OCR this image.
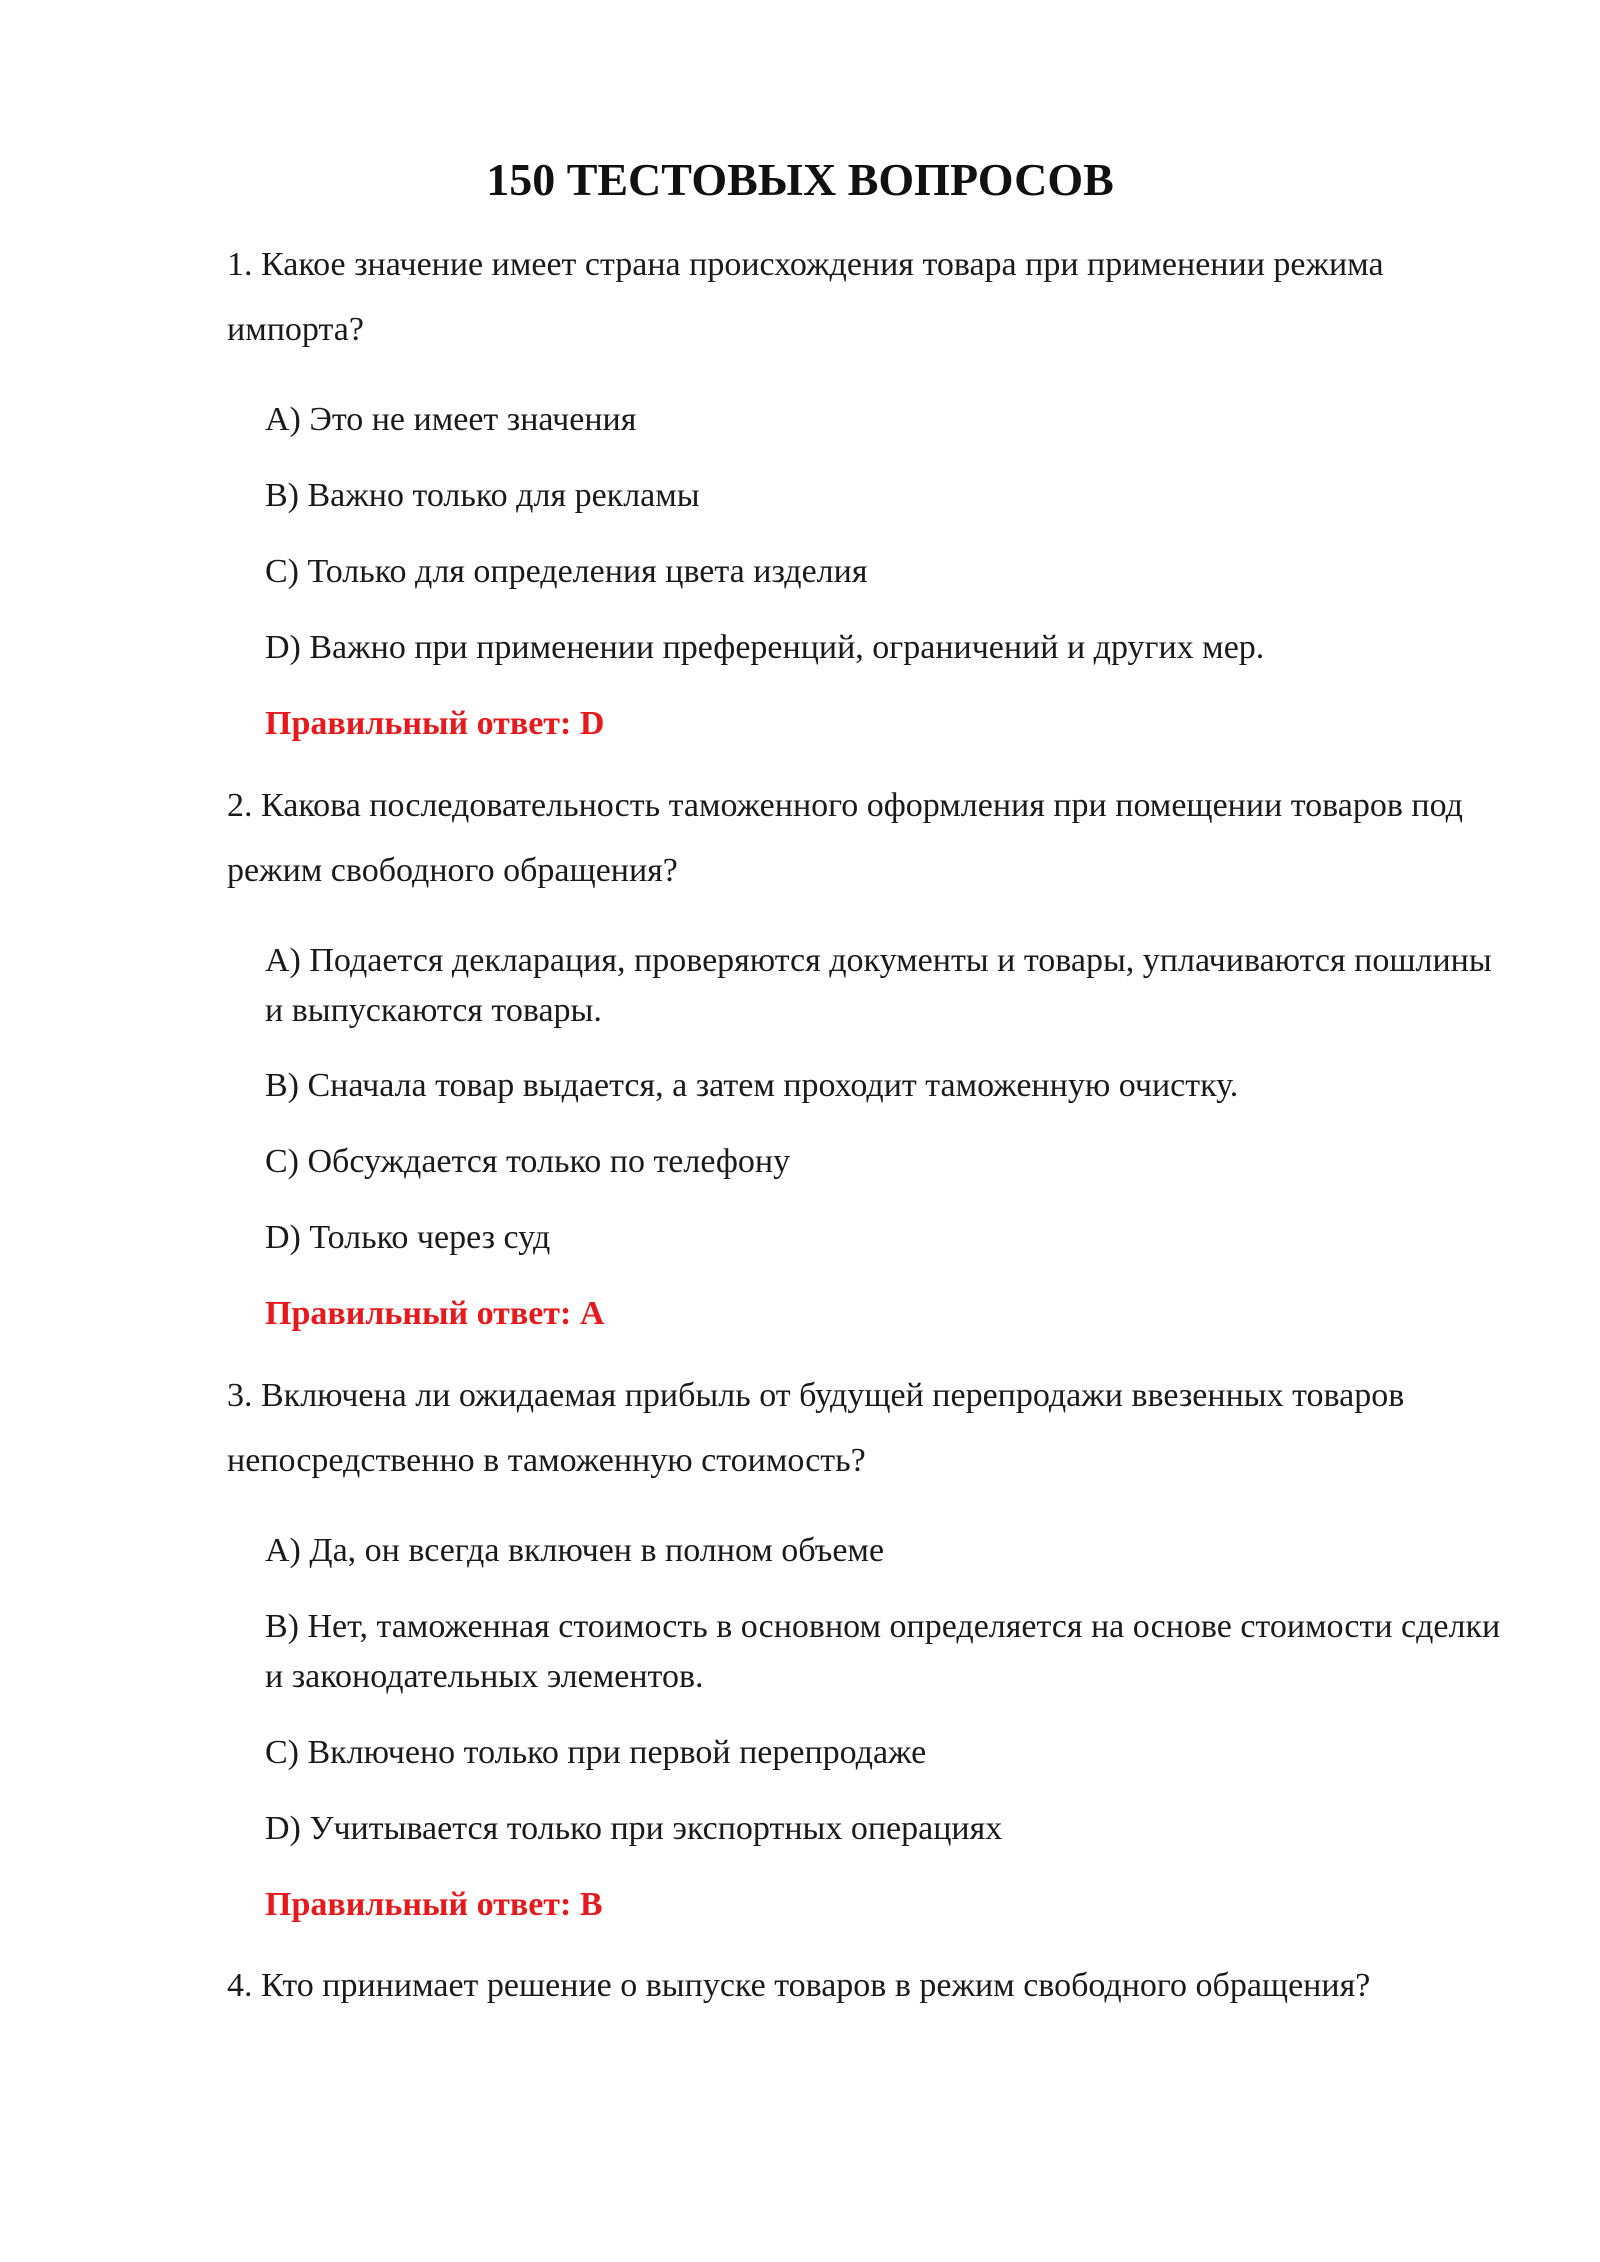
150 ТЕСТОВЫХ ВОПРОСОВ
1. Какое значение имеет страна происхождения товара при применении режима импорта?
A) Это не имеет значения
B) Важно только для рекламы
C) Только для определения цвета изделия
D) Важно при применении преференций, ограничений и других мер.
Правильный ответ: D
2. Какова последовательность таможенного оформления при помещении товаров под режим свободного обращения?
A) Подается декларация, проверяются документы и товары, уплачиваются пошлины и выпускаются товары.
B) Сначала товар выдается, а затем проходит таможенную очистку.
C) Обсуждается только по телефону
D) Только через суд
Правильный ответ: A
3. Включена ли ожидаемая прибыль от будущей перепродажи ввезенных товаров непосредственно в таможенную стоимость?
A) Да, он всегда включен в полном объеме
B) Нет, таможенная стоимость в основном определяется на основе стоимости сделки и законодательных элементов.
C) Включено только при первой перепродаже
D) Учитывается только при экспортных операциях
Правильный ответ: B
4. Кто принимает решение о выпуске товаров в режим свободного обращения?
